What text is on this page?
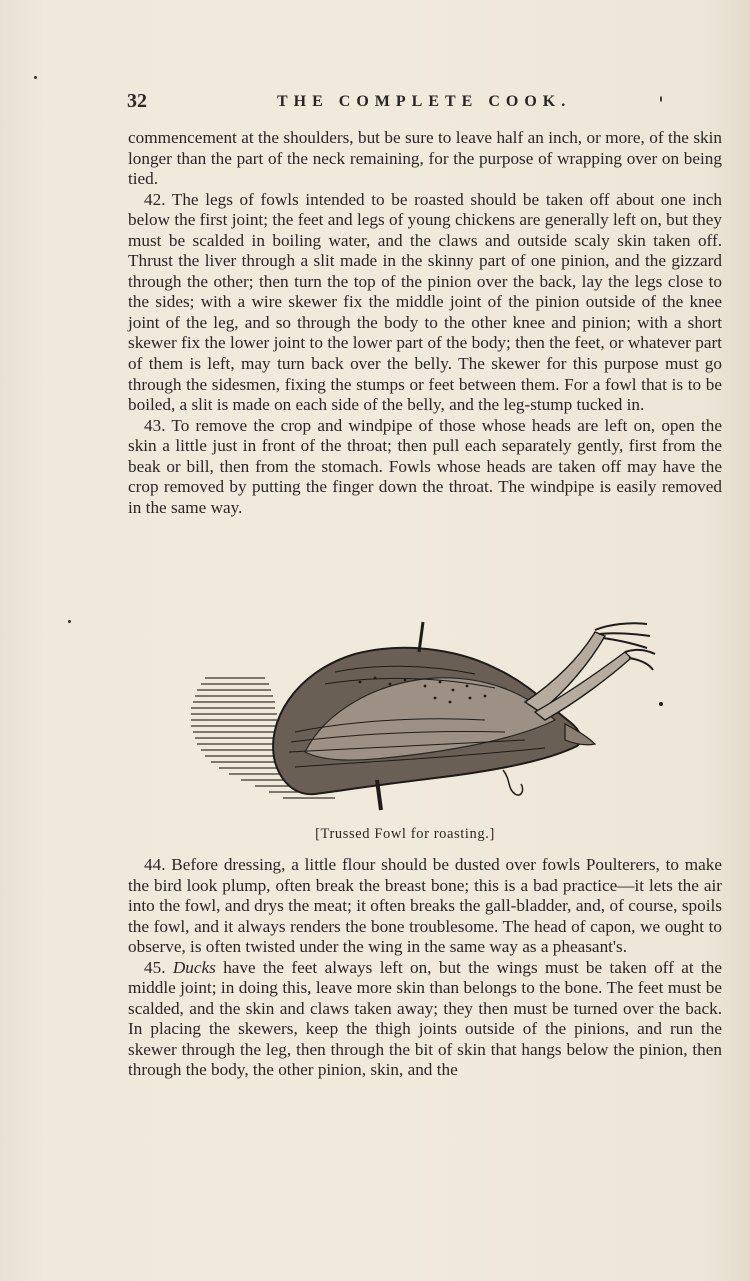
32	THE COMPLETE COOK.

commencement at the shoulders, but be sure to leave half an inch, or more, of the skin longer than the part of the neck remaining, for the purpose of wrapping over on being tied.

42. The legs of fowls intended to be roasted should be taken off about one inch below the first joint; the feet and legs of young chickens are generally left on, but they must be scalded in boiling water, and the claws and outside scaly skin taken off. Thrust the liver through a slit made in the skinny part of one pinion, and the gizzard through the other; then turn the top of the pinion over the back, lay the legs close to the sides; with a wire skewer fix the middle joint of the pinion outside of the knee joint of the leg, and so through the body to the other knee and pinion; with a short skewer fix the lower joint to the lower part of the body; then the feet, or whatever part of them is left, may turn back over the belly. The skewer for this purpose must go through the sidesmen, fixing the stumps or feet between them. For a fowl that is to be boiled, a slit is made on each side of the belly, and the leg-stump tucked in.

43. To remove the crop and windpipe of those whose heads are left on, open the skin a little just in front of the throat; then pull each separately gently, first from the beak or bill, then from the stomach. Fowls whose heads are taken off may have the crop removed by putting the finger down the throat. The windpipe is easily removed in the same way.

[Trussed Fowl for roasting.]

44. Before dressing, a little flour should be dusted over fowls Poulterers, to make the bird look plump, often break the breast bone; this is a bad practice—it lets the air into the fowl, and drys the meat; it often breaks the gall-bladder, and, of course, spoils the fowl, and it always renders the bone troublesome. The head of capon, we ought to observe, is often twisted under the wing in the same way as a pheasant's.

45. Ducks have the feet always left on, but the wings must be taken off at the middle joint; in doing this, leave more skin than belongs to the bone. The feet must be scalded, and the skin and claws taken away; they then must be turned over the back. In placing the skewers, keep the thigh joints outside of the pinions, and run the skewer through the leg, then through the bit of skin that hangs below the pinion, then through the body, the other pinion, skin, and the
